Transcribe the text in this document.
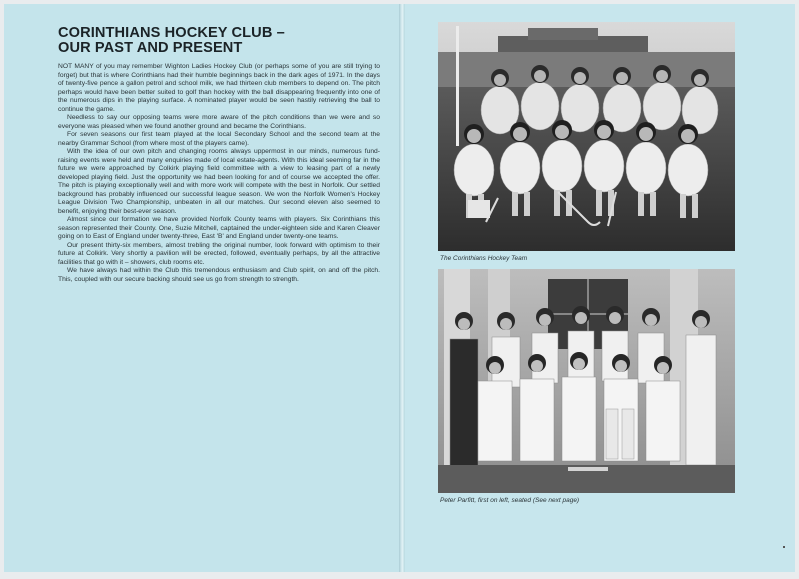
CORINTHIANS HOCKEY CLUB –
OUR PAST AND PRESENT

NOT MANY of you may remember Wighton Ladies Hockey Club (or perhaps some of you are still trying to forget) but that is where Corinthians had their humble beginnings back in the dark ages of 1971. In the days of twenty-five pence a gallon petrol and school milk, we had thirteen club members to depend on. The pitch perhaps would have been better suited to golf than hockey with the ball disappearing frequently into one of the numerous dips in the playing surface. A nominated player would be seen hastily retrieving the ball to continue the game.

Needless to say our opposing teams were more aware of the pitch conditions than we were and so everyone was pleased when we found another ground and became the Corinthians.

For seven seasons our first team played at the local Secondary School and the second team at the nearby Grammar School (from where most of the players came).

With the idea of our own pitch and changing rooms always uppermost in our minds, numerous fund-raising events were held and many enquiries made of local estate-agents. With this ideal seeming far in the future we were approached by Colkirk playing field committee with a view to leasing part of a newly developed playing field. Just the opportunity we had been looking for and of course we accepted the offer. The pitch is playing exceptionally well and with more work will compete with the best in Norfolk. Our settled background has probably influenced our successful league season. We won the Norfolk Women's Hockey League Division Two Championship, unbeaten in all our matches. Our second eleven also seemed to benefit, enjoying their best-ever season.

Almost since our formation we have provided Norfolk County teams with players. Six Corinthians this season represented their County. One, Suzie Mitchell, captained the under-eighteen side and Karen Cleaver going on to East of England under twenty-three, East 'B' and England under twenty-one teams.

Our present thirty-six members, almost trebling the original number, look forward with optimism to their future at Colkirk. Very shortly a pavilion will be erected, followed, eventually perhaps, by all the attractive facilities that go with it – showers, club rooms etc.

We have always had within the Club this tremendous enthusiasm and Club spirit, on and off the pitch. This, coupled with our secure backing should see us go from strength to strength.

The Corinthians Hockey Team
Peter Parfitt, first on left, seated (See next page)
